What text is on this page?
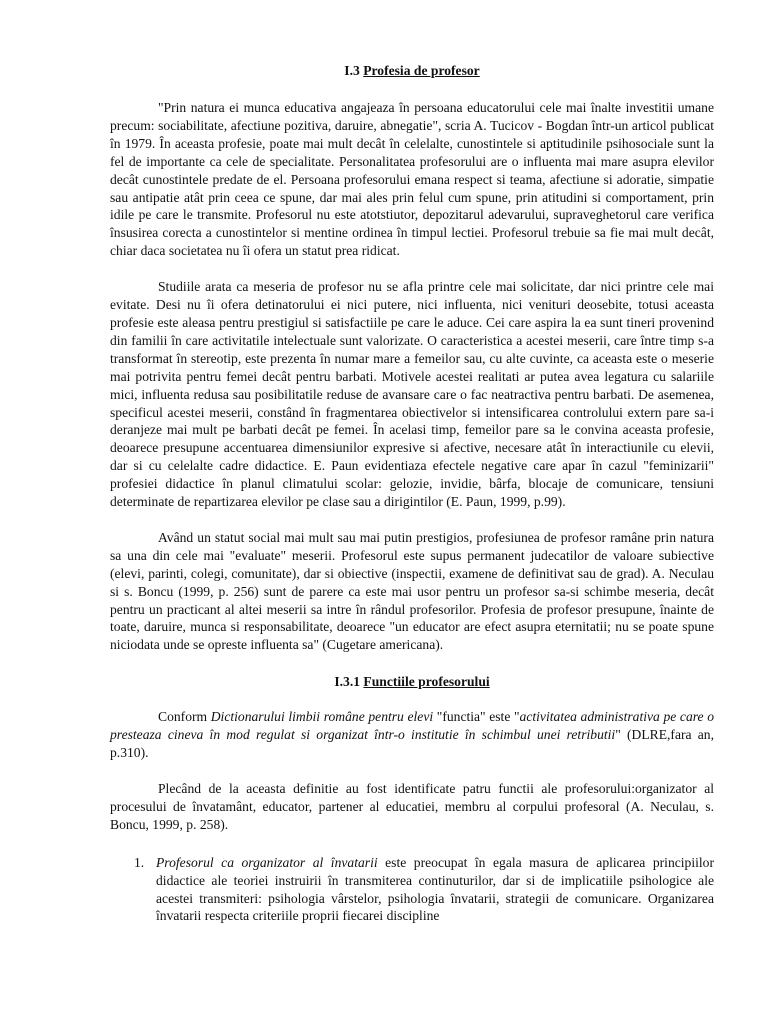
I.3 Profesia de profesor

"Prin natura ei munca educativa angajeaza în persoana educatorului cele mai înalte investitii umane precum: sociabilitate, afectiune pozitiva, daruire, abnegatie", scria A. Tucicov - Bogdan într-un articol publicat în 1979. În aceasta profesie, poate mai mult decât în celelalte, cunostintele si aptitudinile psihosociale sunt la fel de importante ca cele de specialitate. Personalitatea profesorului are o influenta mai mare asupra elevilor decât cunostintele predate de el. Persoana profesorului emana respect si teama, afectiune si adoratie, simpatie sau antipatie atât prin ceea ce spune, dar mai ales prin felul cum spune, prin atitudini si comportament, prin idile pe care le transmite. Profesorul nu este atotstiutor, depozitarul adevarului, supraveghetorul care verifica însusirea corecta a cunostintelor si mentine ordinea în timpul lectiei. Profesorul trebuie sa fie mai mult decât, chiar daca societatea nu îi ofera un statut prea ridicat.

Studiile arata ca meseria de profesor nu se afla printre cele mai solicitate, dar nici printre cele mai evitate. Desi nu îi ofera detinatorului ei nici putere, nici influenta, nici venituri deosebite, totusi aceasta profesie este aleasa pentru prestigiul si satisfactiile pe care le aduce. Cei care aspira la ea sunt tineri provenind din familii în care activitatile intelectuale sunt valorizate. O caracteristica a acestei meserii, care între timp s-a transformat în stereotip, este prezenta în numar mare a femeilor sau, cu alte cuvinte, ca aceasta este o meserie mai potrivita pentru femei decât pentru barbati. Motivele acestei realitati ar putea avea legatura cu salariile mici, influenta redusa sau posibilitatile reduse de avansare care o fac neatractiva pentru barbati. De asemenea, specificul acestei meserii, constând în fragmentarea obiectivelor si intensificarea controlului extern pare sa-i deranjeze mai mult pe barbati decât pe femei. În acelasi timp, femeilor pare sa le convina aceasta profesie, deoarece presupune accentuarea dimensiunilor expresive si afective, necesare atât în interactiunile cu elevii, dar si cu celelalte cadre didactice. E. Paun evidentiaza efectele negative care apar în cazul "feminizarii" profesiei didactice în planul climatului scolar: gelozie, invidie, bârfa, blocaje de comunicare, tensiuni determinate de repartizarea elevilor pe clase sau a dirigintilor (E. Paun, 1999, p.99).

Având un statut social mai mult sau mai putin prestigios, profesiunea de profesor ramâne prin natura sa una din cele mai "evaluate" meserii. Profesorul este supus permanent judecatilor de valoare subiective (elevi, parinti, colegi, comunitate), dar si obiective (inspectii, examene de definitivat sau de grad). A. Neculau si s. Boncu (1999, p. 256) sunt de parere ca este mai usor pentru un profesor sa-si schimbe meseria, decât pentru un practicant al altei meserii sa intre în rândul profesorilor. Profesia de profesor presupune, înainte de toate, daruire, munca si responsabilitate, deoarece "un educator are efect asupra eternitatii; nu se poate spune niciodata unde se opreste influenta sa" (Cugetare americana).

I.3.1 Functiile profesorului

Conform Dictionarului limbii române pentru elevi "functia" este "activitatea administrativa pe care o presteaza cineva în mod regulat si organizat într-o institutie în schimbul unei retributii" (DLRE,fara an, p.310).

Plecând de la aceasta definitie au fost identificate patru functii ale profesorului:organizator al procesului de învatamânt, educator, partener al educatiei, membru al corpului profesoral (A. Neculau, s. Boncu, 1999, p. 258).

1. Profesorul ca organizator al învatarii este preocupat în egala masura de aplicarea principiilor didactice ale teoriei instruirii în transmiterea continuturilor, dar si de implicatiile psihologice ale acestei transmiteri: psihologia vârstelor, psihologia învatarii, strategii de comunicare. Organizarea învatarii respecta criteriile proprii fiecarei discipline
